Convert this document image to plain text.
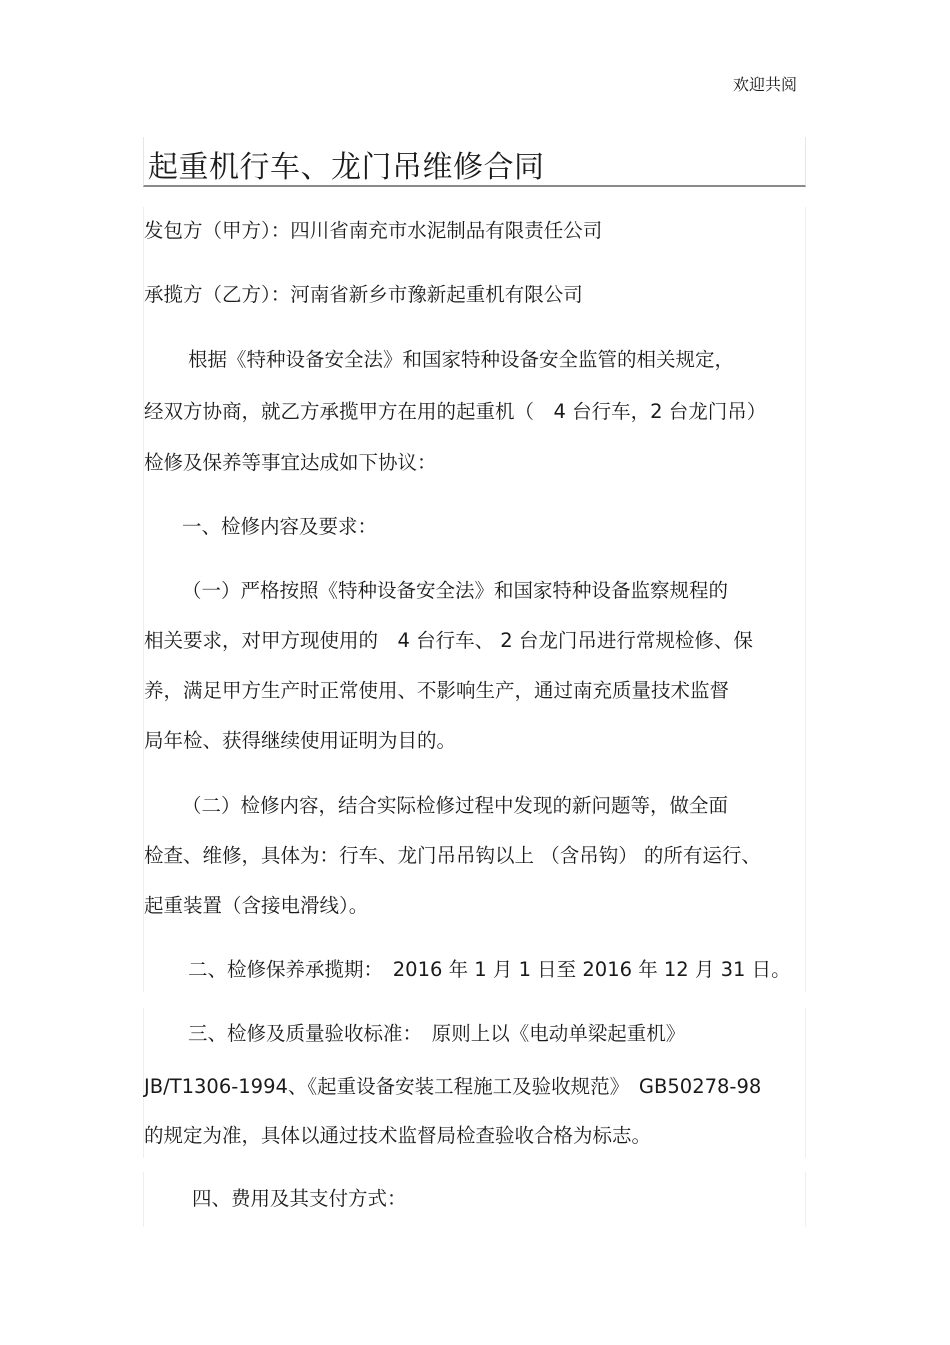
欢迎共阅
起重机行车、龙门吊维修合同
发包方（甲方）：四川省南充市水泥制品有限责任公司
承揽方（乙方）：河南省新乡市豫新起重机有限公司
根据《特种设备安全法》和国家特种设备安全监管的相关规定，
经双方协商，就乙方承揽甲方在用的起重机（　4 台行车，2 台龙门吊）
检修及保养等事宜达成如下协议：
一、检修内容及要求：
（一）严格按照《特种设备安全法》和国家特种设备监察规程的
相关要求，对甲方现使用的　4 台行车、 2 台龙门吊进行常规检修、保
养，满足甲方生产时正常使用、不影响生产，通过南充质量技术监督
局年检、获得继续使用证明为目的。
（二）检修内容，结合实际检修过程中发现的新问题等，做全面
检查、维修，具体为：行车、龙门吊吊钩以上 （含吊钩） 的所有运行、
起重装置（含接电滑线）。
二、检修保养承揽期：　2016 年 1 月 1 日至 2016 年 12 月 31 日。
三、检修及质量验收标准：　原则上以《电动单梁起重机》
JB/T1306-1994、《起重设备安装工程施工及验收规范》　GB50278-98
的规定为准，具体以通过技术监督局检查验收合格为标志。
四、费用及其支付方式：
